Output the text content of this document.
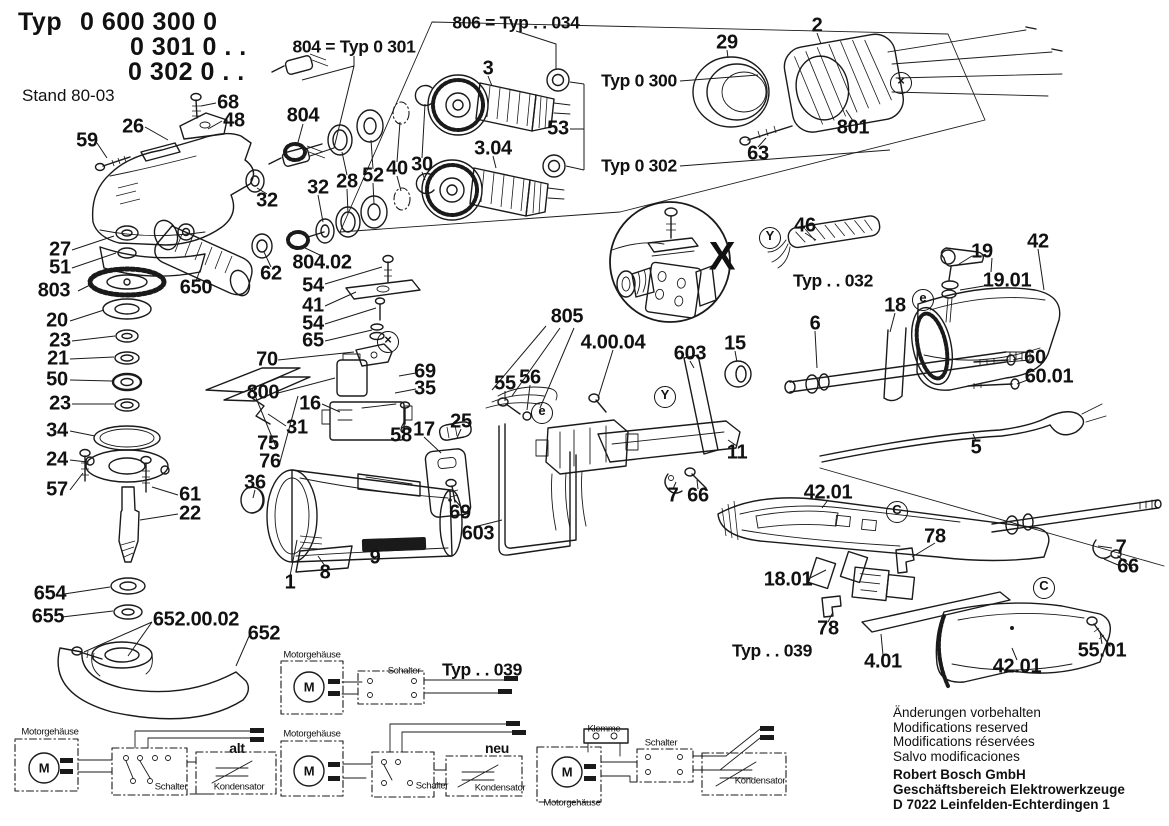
Typ 0 600 300 0
0 301 0 . .
0 302 0 . .
Stand 80-03	68
48
26
59
27
51
803	650
20
23
21
50
23
34
24
57	61
22
654
655	652.00.02
652
36
75
76
1 8
9
69
603
58 17 25
69
35	55 56
805
4.00.04
54
41
54
65
70
800 16
31
62 804.02
32
32 28 52 40 30
804
3
3.04
53
29
2
801
63
46
18
6
15
603
11
7 66
19
19.01
42
60
60.01
5
42.01
78	7
66
18.01
78
4.01	42.01
55.01
804 = Typ 0 301
806 = Typ . . 034
Typ 0 300
Typ 0 302
Typ . . 032
Typ . . 039
Typ . . 039
X	Y
Y
e
e
C
C
×
×
M
M
M	M
Motorgehäuse
Schalter	Kondensator
alt
Motorgehäuse
Schalter
Motorgehäuse
neu
Schalter	Kondensator
Klemme
Schalter
Kondensator
Motorgehäuse
Änderungen vorbehalten
Modifications reserved
Modifications réservées
Salvo modificaciones
Robert Bosch GmbH
Geschäftsbereich Elektrowerkzeuge
D 7022 Leinfelden-Echterdingen 1
